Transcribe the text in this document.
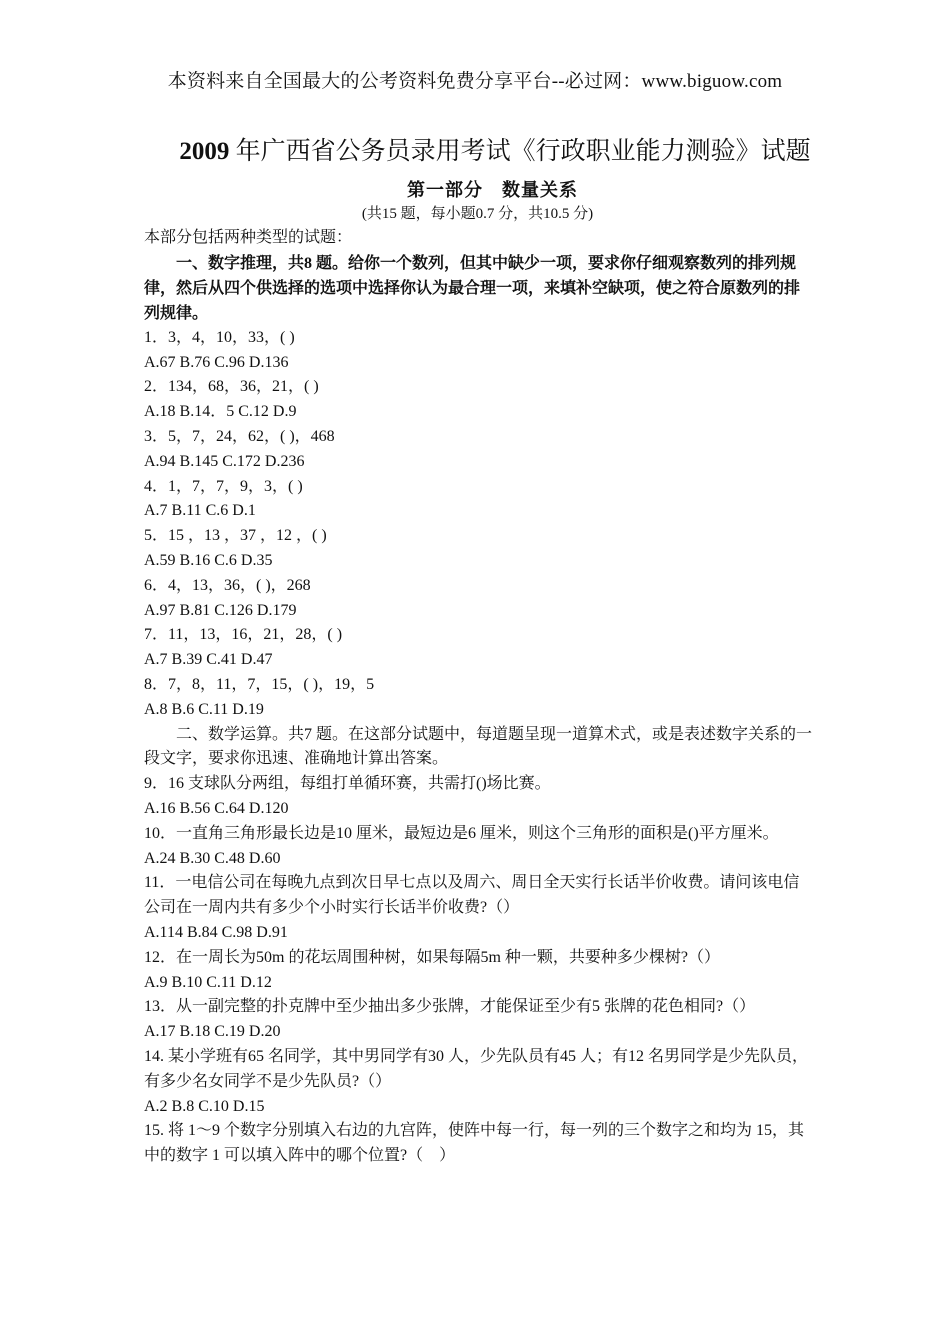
本资料来自全国最大的公考资料免费分享平台--必过网：www.biguow.com
2009 年广西省公务员录用考试《行政职业能力测验》试题
第一部分　数量关系
(共15 题，每小题0.7 分，共10.5 分)

本部分包括两种类型的试题：

一、数字推理，共8 题。给你一个数列，但其中缺少一项，要求你仔细观察数列的排列规律，然后从四个供选择的选项中选择你认为最合理一项，来填补空缺项，使之符合原数列的排列规律。

1．3，4，10，33，( )

A.67 B.76 C.96 D.136

2．134，68，36，21，( )

A.18 B.14．5 C.12 D.9

3．5，7，24，62，( )，468

A.94 B.145 C.172 D.236

4．1，7，7，9，3，( )

A.7 B.11 C.6 D.1

5．15 ，13 ，37 ，12 ，( )

A.59 B.16 C.6 D.35

6．4，13，36，( )，268

A.97 B.81 C.126 D.179

7．11，13，16，21，28，( )

A.7 B.39 C.41 D.47

8．7，8，11，7，15，( )，19，5

A.8 B.6 C.11 D.19

二、数学运算。共7 题。在这部分试题中，每道题呈现一道算术式，或是表述数字关系的一段文字，要求你迅速、准确地计算出答案。

9．16 支球队分两组，每组打单循环赛，共需打()场比赛。

A.16 B.56 C.64 D.120

10．一直角三角形最长边是10 厘米，最短边是6 厘米，则这个三角形的面积是()平方厘米。

A.24 B.30 C.48 D.60

11．一电信公司在每晚九点到次日早七点以及周六、周日全天实行长话半价收费。请问该电信公司在一周内共有多少个小时实行长话半价收费?（）

A.114 B.84 C.98 D.91

12．在一周长为50m 的花坛周围种树，如果每隔5m 种一颗，共要种多少棵树?（）

A.9 B.10 C.11 D.12

13．从一副完整的扑克牌中至少抽出多少张牌，才能保证至少有5 张牌的花色相同?（）

A.17 B.18 C.19 D.20

14. 某小学班有65 名同学，其中男同学有30 人，少先队员有45 人；有12 名男同学是少先队员，有多少名女同学不是少先队员?（）

A.2 B.8 C.10 D.15

15. 将 1～9 个数字分别填入右边的九宫阵，使阵中每一行，每一列的三个数字之和均为 15，其中的数字 1 可以填入阵中的哪个位置?（　）
